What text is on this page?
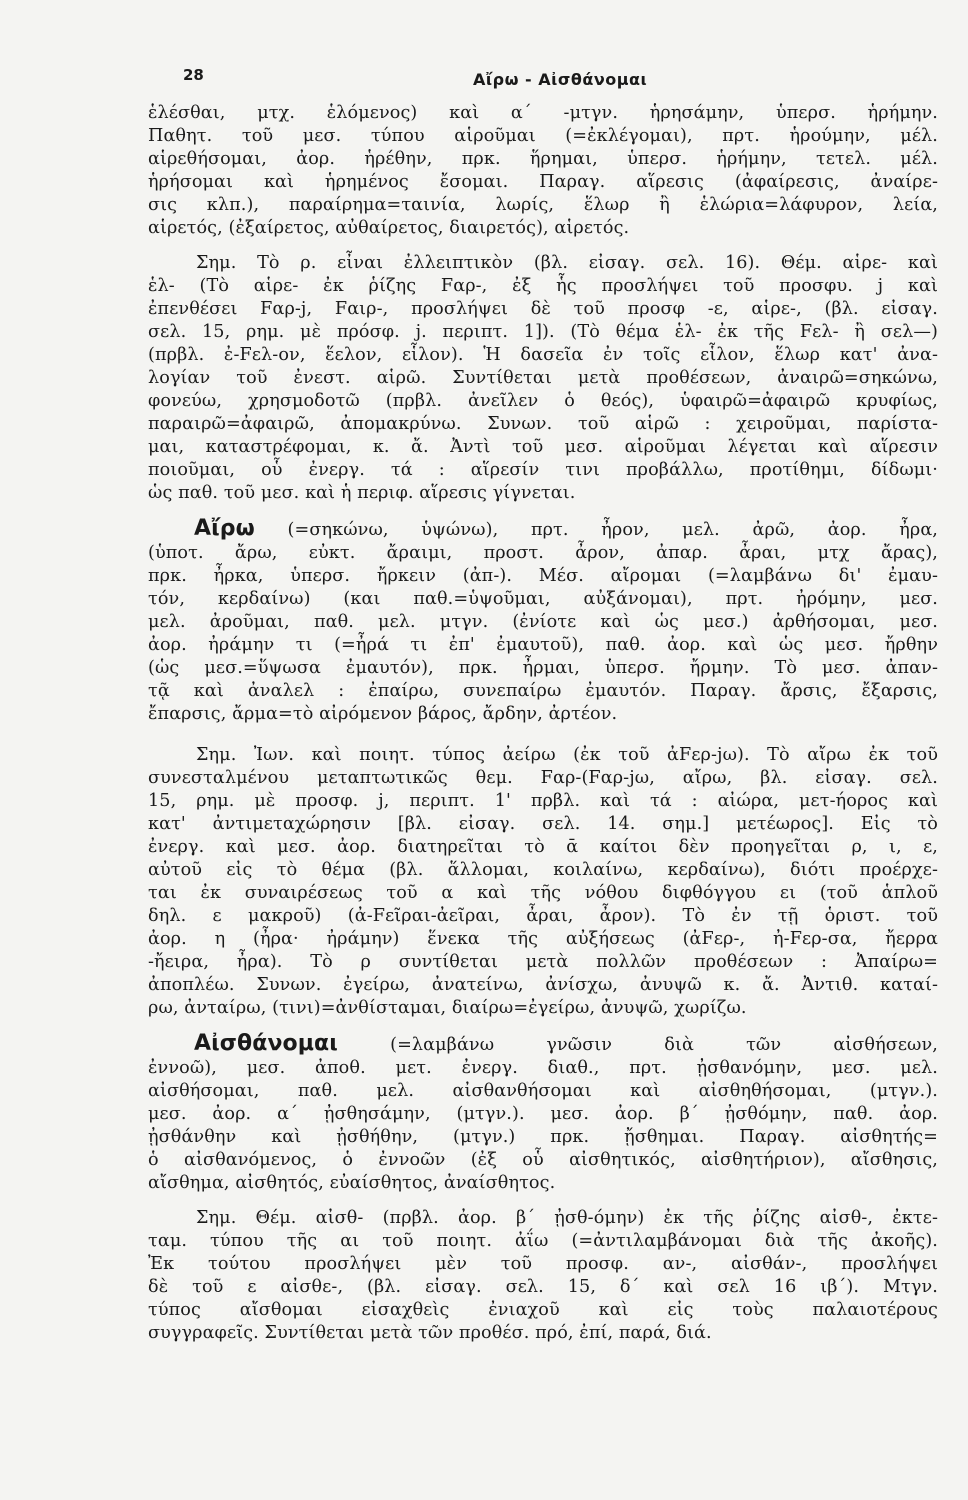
28	Αἴρω - Αἰσθάνομαι
ἑλέσθαι, μτχ. ἑλόμενος) καὶ α΄ -μτγν. ἡρησάμην, ὑπερσ. ἡρήμην.
Παθητ. τοῦ μεσ. τύπου αἱροῦμαι (=ἐκλέγομαι), πρτ. ἡρούμην, μέλ.
αἱρεθήσομαι, ἀορ. ἡρέθην, πρκ. ἥρημαι, ὑπερσ. ἡρήμην, τετελ. μέλ.
ἡρήσομαι καὶ ἡρημένος ἔσομαι. Παραγ. αἵρεσις (ἀφαίρεσις, ἀναίρε-
σις κλπ.), παραίρημα=ταινία, λωρίς, ἕλωρ ἢ ἑλώρια=λάφυρον, λεία,
αἱρετός, (ἐξαίρετος, αὐθαίρετος, διαιρετός), αἱρετός.
Σημ. Τὸ ρ. εἶναι ἐλλειπτικὸν (βλ. εἰσαγ. σελ. 16). Θέμ. αἱρε- καὶ
ἑλ- (Τὸ αἱρε- ἐκ ῥίζης Fαρ-, ἐξ ἧς προσλήψει τοῦ προσφυ. j καὶ
ἐπενθέσει Fαρ-j, Fαιρ-, προσλήψει δὲ τοῦ προσφ -ε, αἱρε-, (βλ. εἰσαγ.
σελ. 15, ρημ. μὲ πρόσφ. j. περιπτ. 1]). (Τὸ θέμα ἑλ- ἐκ τῆς Fελ- ἢ σελ—)
(πρβλ. ἐ-Fελ-ον, ἕελον, εἷλον). Ἡ δασεῖα ἐν τοῖς εἷλον, ἕλωρ κατ' ἀνα-
λογίαν τοῦ ἐνεστ. αἱρῶ. Συντίθεται μετὰ προθέσεων, ἀναιρῶ=σηκώνω,
φονεύω, χρησμοδοτῶ (πρβλ. ἀνεῖλεν ὁ θεός), ὑφαιρῶ=ἀφαιρῶ κρυφίως,
παραιρῶ=ἀφαιρῶ, ἀπομακρύνω. Συνων. τοῦ αἱρῶ : χειροῦμαι, παρίστα-
μαι, καταστρέφομαι, κ. ἄ. Ἀντὶ τοῦ μεσ. αἱροῦμαι λέγεται καὶ αἵρεσιν
ποιοῦμαι, οὗ ἐνεργ. τά : αἵρεσίν τινι προβάλλω, προτίθημι, δίδωμι·
ὡς παθ. τοῦ μεσ. καὶ ἡ περιφ. αἵρεσις γίγνεται.
Αἴρω (=σηκώνω, ὑψώνω), πρτ. ἦρον, μελ. ἀρῶ, ἀορ. ἦρα,
(ὑποτ. ἄρω, εὐκτ. ἄραιμι, προστ. ἆρον, ἀπαρ. ἆραι, μτχ ἄρας),
πρκ. ἦρκα, ὑπερσ. ἤρκειν (ἀπ-). Μέσ. αἴρομαι (=λαμβάνω δι' ἐμαυ-
τόν, κερδαίνω) (και παθ.=ὑψοῦμαι, αὐξάνομαι), πρτ. ἠρόμην, μεσ.
μελ. ἀροῦμαι, παθ. μελ. μτγν. (ἐνίοτε καὶ ὡς μεσ.) ἀρθήσομαι, μεσ.
ἀορ. ἠράμην τι (=ἦρά τι ἐπ' ἐμαυτοῦ), παθ. ἀορ. καὶ ὡς μεσ. ἤρθην
(ὡς μεσ.=ὕψωσα ἐμαυτόν), πρκ. ἦρμαι, ὑπερσ. ἤρμην. Τὸ μεσ. ἀπαν-
τᾷ καὶ ἀναλελ : ἐπαίρω, συνεπαίρω ἐμαυτόν. Παραγ. ἄρσις, ἔξαρσις,
ἔπαρσις, ἄρμα=τὸ αἰρόμενον βάρος, ἄρδην, ἀρτέον.
Σημ. Ἰων. καὶ ποιητ. τύπος ἀείρω (ἐκ τοῦ ἀFερ-jω). Τὸ αἴρω ἐκ τοῦ
συνεσταλμένου μεταπτωτικῶς θεμ. Fαρ-(Fαρ-jω, αἴρω, βλ. εἰσαγ. σελ.
15, ρημ. μὲ προσφ. j, περιπτ. 1' πρβλ. καὶ τά : αἰώρα, μετ-ήορος καὶ
κατ' ἀντιμεταχώρησιν [βλ. εἰσαγ. σελ. 14. σημ.] μετέωρος]. Εἰς τὸ
ἐνεργ. καὶ μεσ. ἀορ. διατηρεῖται τὸ ᾱ καίτοι δὲν προηγεῖται ρ, ι, ε,
αὐτοῦ εἰς τὸ θέμα (βλ. ἅλλομαι, κοιλαίνω, κερδαίνω), διότι προέρχε-
ται ἐκ συναιρέσεως τοῦ α καὶ τῆς νόθου διφθόγγου ει (τοῦ ἁπλοῦ
δηλ. ε μακροῦ) (ἀ-Fεῖραι-ἀεῖραι, ἆραι, ἆρον). Τὸ ἐν τῇ ὁριστ. τοῦ
ἀορ. η (ἦρα· ἠράμην) ἕνεκα τῆς αὐξήσεως (ἀFερ-, ἠ-Fερ-σα, ἤερρα
-ἤειρα, ἦρα). Τὸ ρ συντίθεται μετὰ πολλῶν προθέσεων : Ἀπαίρω=
ἀποπλέω. Συνων. ἐγείρω, ἀνατείνω, ἀνίσχω, ἀνυψῶ κ. ἄ. Ἀντιθ. καταί-
ρω, ἀνταίρω, (τινι)=ἀνθίσταμαι, διαίρω=ἐγείρω, ἀνυψῶ, χωρίζω.
Αἰσθάνομαι	(=λαμβάνω γνῶσιν διὰ τῶν αἰσθήσεων,
ἐννοῶ), μεσ. ἀποθ. μετ. ἐνεργ. διαθ., πρτ. ᾐσθανόμην, μεσ. μελ.
αἰσθήσομαι, παθ. μελ. αἰσθανθήσομαι καὶ αἰσθηθήσομαι, (μτγν.).
μεσ. ἀορ. α΄ ᾐσθησάμην, (μτγν.). μεσ. ἀορ. β΄ ᾐσθόμην, παθ. ἀορ.
ᾐσθάνθην καὶ ᾐσθήθην, (μτγν.) πρκ. ᾔσθημαι. Παραγ. αἰσθητής=
ὁ αἰσθανόμενος, ὁ ἐννοῶν (ἐξ οὗ αἰσθητικός, αἰσθητήριον), αἴσθησις,
αἴσθημα, αἰσθητός, εὐαίσθητος, ἀναίσθητος.
Σημ. Θέμ. αἰσθ- (πρβλ. ἀορ. β΄ ᾐσθ-όμην) ἐκ τῆς ῥίζης αἰσθ-, ἐκτε-
ταμ. τύπου τῆς αι τοῦ ποιητ. ἀΐω (=ἀντιλαμβάνομαι διὰ τῆς ἀκοῆς).
Ἐκ τούτου προσλήψει μὲν τοῦ προσφ. αν-, αἰσθάν-, προσλήψει
δὲ τοῦ ε αἰσθε-, (βλ. εἰσαγ. σελ. 15, δ΄ καὶ σελ 16 ιβ΄). Μτγν.
τύπος αἴσθομαι εἰσαχθεὶς ἐνιαχοῦ καὶ εἰς τοὺς παλαιοτέρους
συγγραφεῖς. Συντίθεται μετὰ τῶν προθέσ. πρό, ἐπί, παρά, διά.
